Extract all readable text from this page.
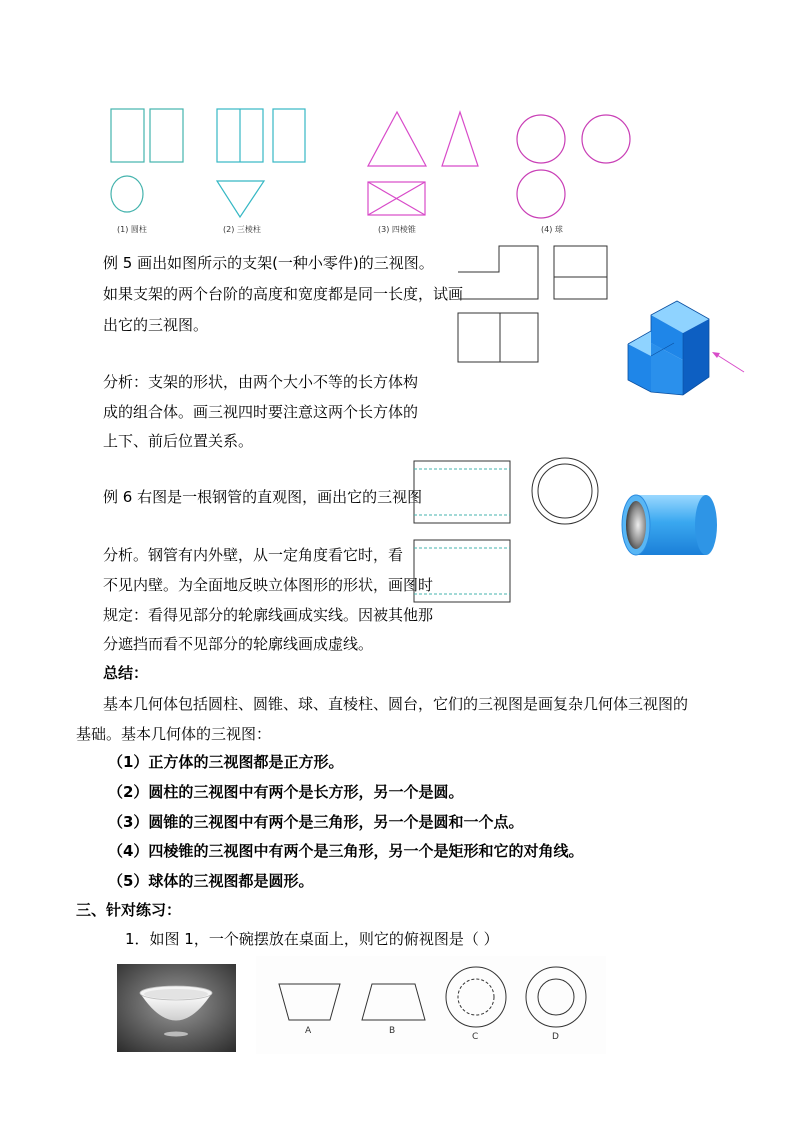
(1) 圆柱	(2) 三棱柱	(3) 四棱锥	(4) 球
例 5 画出如图所示的支架(一种小零件)的三视图。
如果支架的两个台阶的高度和宽度都是同一长度，试画
出它的三视图。
分析：支架的形状，由两个大小不等的长方体构
成的组合体。画三视四时要注意这两个长方体的
上下、前后位置关系。
例 6 右图是一根钢管的直观图，画出它的三视图
分析。钢管有内外壁，从一定角度看它时，看
不见内壁。为全面地反映立体图形的形状，画图时
规定：看得见部分的轮廓线画成实线。因被其他那
分遮挡而看不见部分的轮廓线画成虚线。
总结：
基本几何体包括圆柱、圆锥、球、直棱柱、圆台，它们的三视图是画复杂几何体三视图的
基础。基本几何体的三视图：
（1）正方体的三视图都是正方形。
（2）圆柱的三视图中有两个是长方形，另一个是圆。
（3）圆锥的三视图中有两个是三角形，另一个是圆和一个点。
（4）四棱锥的三视图中有两个是三角形，另一个是矩形和它的对角线。
（5）球体的三视图都是圆形。
三、针对练习：
1．如图 1，一个碗摆放在桌面上，则它的俯视图是（ ）
A	B
C	D
